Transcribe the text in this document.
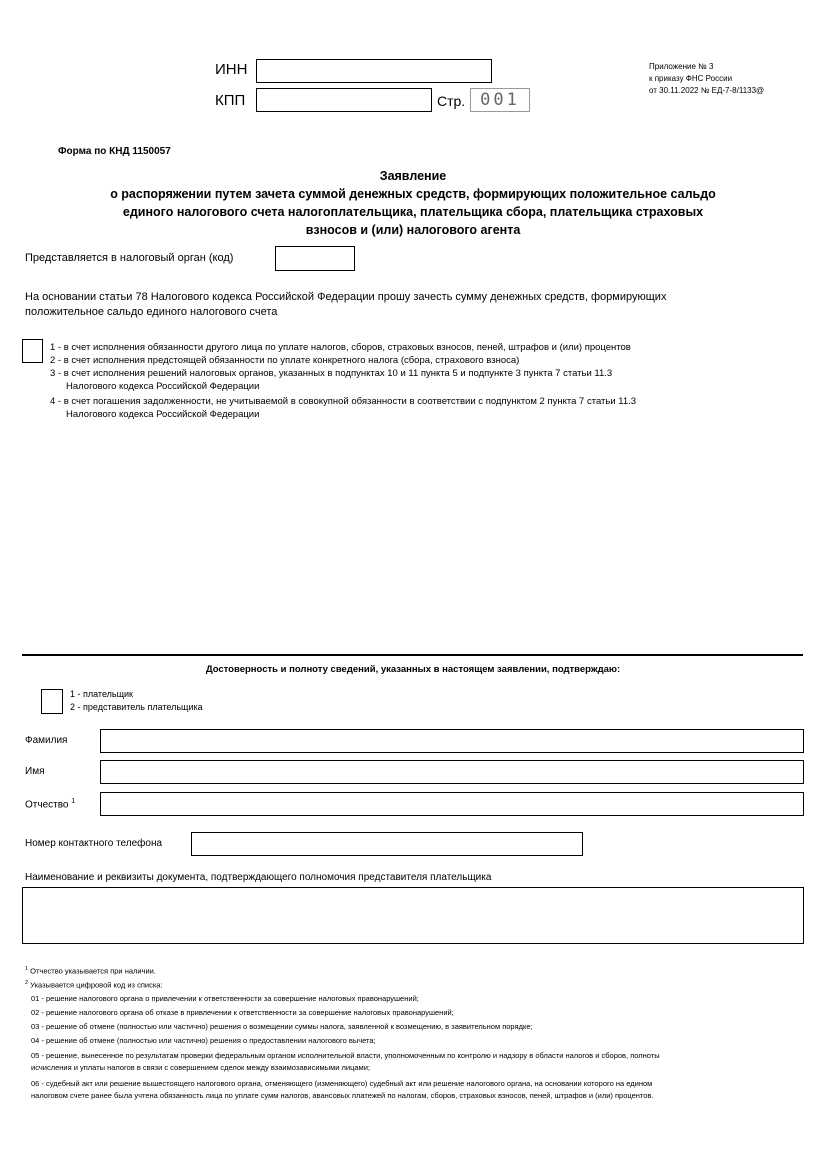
ИНН
КПП	Стр. 001
Приложение № 3
к приказу ФНС России
от 30.11.2022 № ЕД-7-8/1133@
Форма по КНД 1150057
Заявление
о распоряжении путем зачета суммой денежных средств, формирующих положительное сальдо
единого налогового счета налогоплательщика, плательщика сбора, плательщика страховых
взносов и (или) налогового агента
Представляется в налоговый орган (код)
На основании статьи 78 Налогового кодекса Российской Федерации прошу зачесть сумму денежных средств, формирующих
положительное сальдо единого налогового счета
1 - в счет исполнения обязанности другого лица по уплате налогов, сборов, страховых взносов, пеней, штрафов и (или) процентов
2 - в счет исполнения предстоящей обязанности по уплате конкретного налога (сбора, страхового взноса)
3 - в счет исполнения решений налоговых органов, указанных в подпунктах 10 и 11 пункта 5 и подпункте 3 пункта 7 статьи 11.3
Налогового кодекса Российской Федерации
4 - в счет погашения задолженности, не учитываемой в совокупной обязанности в соответствии с подпунктом 2 пункта 7 статьи 11.3
Налогового кодекса Российской Федерации
Достоверность и полноту сведений, указанных в настоящем заявлении, подтверждаю:
1 - плательщик
2 - представитель плательщика
Фамилия
Имя
Отчество $^1$
Номер контактного телефона
Наименование и реквизиты документа, подтверждающего полномочия представителя плательщика
$^1$ Отчество указывается при наличии.
$^2$ Указывается цифровой код из списка:
01 - решение налогового органа о привлечении к ответственности за совершение налоговых правонарушений;
02 - решение налогового органа об отказе в привлечении к ответственности за совершение налоговых правонарушений;
03 - решение об отмене (полностью или частично) решения о возмещении суммы налога, заявленной к возмещению, в заявительном порядке;
04 - решение об отмене (полностью или частично) решения о предоставлении налогового вычета;
05 - решение, вынесенное по результатам проверки федеральным органом исполнительной власти, уполномоченным по контролю и надзору в области налогов и сборов, полноты
исчисления и уплаты налогов в связи с совершением сделок между взаимозависимыми лицами;
06 - судебный акт или решение вышестоящего налогового органа, отменяющего (изменяющего) судебный акт или решение налогового органа, на основании которого на едином
налоговом счете ранее была учтена обязанность лица по уплате сумм налогов, авансовых платежей по налогам, сборов, страховых взносов, пеней, штрафов и (или) процентов.
